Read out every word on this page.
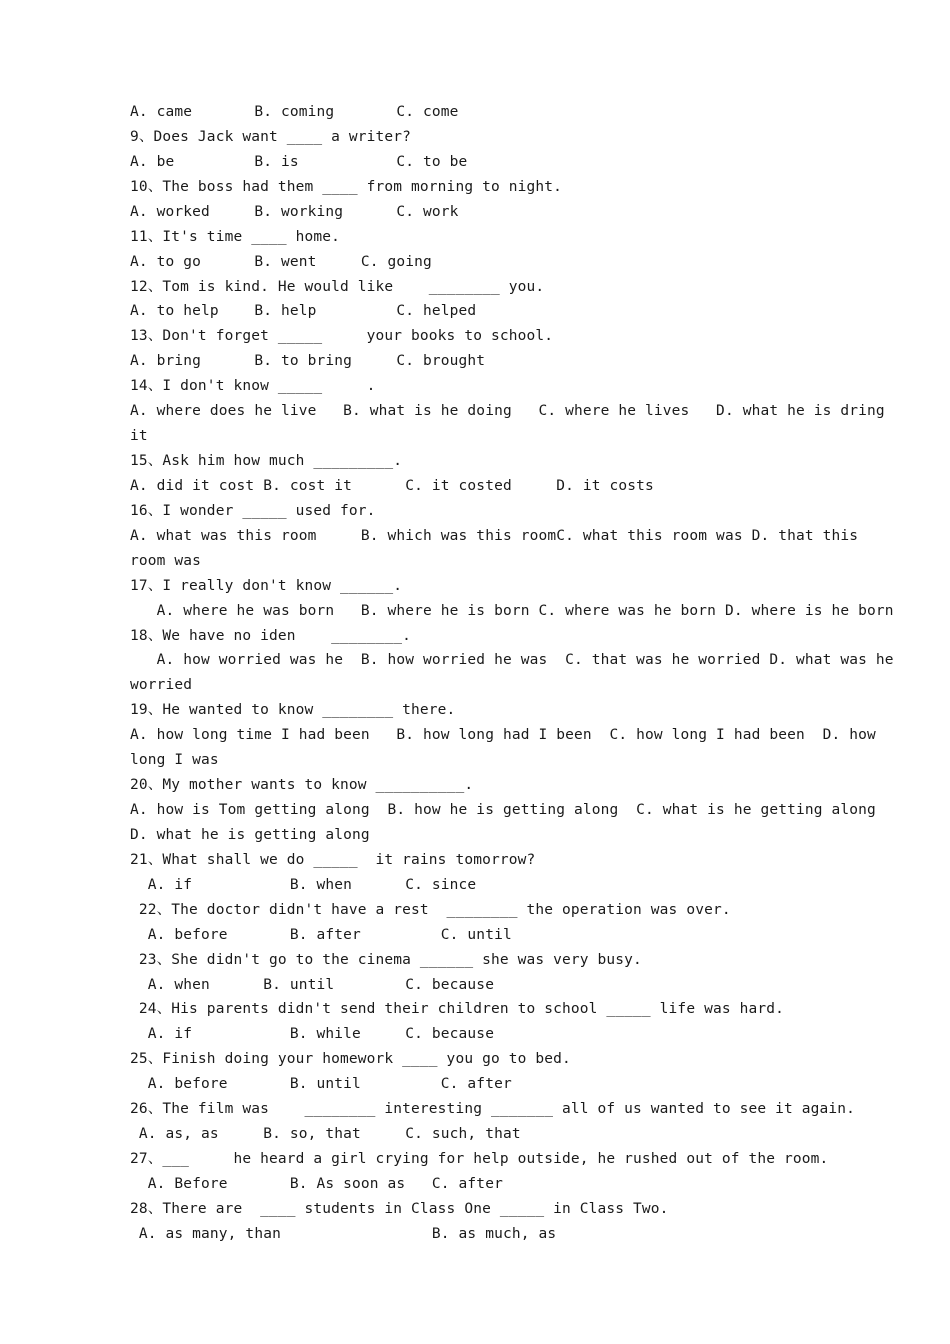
A. came       B. coming       C. come
9、Does Jack want ____ a writer?
A. be         B. is           C. to be
10、The boss had them ____ from morning to night.
A. worked     B. working      C. work
11、It's time ____ home.
A. to go      B. went     C. going
12、Tom is kind. He would like    ________ you.
A. to help    B. help         C. helped
13、Don't forget _____     your books to school.
A. bring      B. to bring     C. brought
14、I don't know _____     .
A. where does he live   B. what is he doing   C. where he lives   D. what he is dring
it
15、Ask him how much _________.
A. did it cost B. cost it      C. it costed     D. it costs
16、I wonder _____ used for.
A. what was this room     B. which was this roomC. what this room was D. that this
room was
17、I really don't know ______.
A. where he was born   B. where he is born C. where was he born D. where is he born
18、We have no iden    ________.
A. how worried was he  B. how worried he was  C. that was he worried D. what was he
worried
19、He wanted to know ________ there.
A. how long time I had been   B. how long had I been  C. how long I had been  D. how
long I was
20、My mother wants to know __________.
A. how is Tom getting along  B. how he is getting along  C. what is he getting along
D. what he is getting along
21、What shall we do _____  it rains tomorrow?
A. if           B. when      C. since
22、The doctor didn't have a rest  ________ the operation was over.
A. before       B. after         C. until
23、She didn't go to the cinema ______ she was very busy.
A. when      B. until        C. because
24、His parents didn't send their children to school _____ life was hard.
A. if           B. while     C. because
25、Finish doing your homework ____ you go to bed.
A. before       B. until         C. after
26、The film was    ________ interesting _______ all of us wanted to see it again.
A. as, as     B. so, that     C. such, that
27、___     he heard a girl crying for help outside, he rushed out of the room.
A. Before       B. As soon as   C. after
28、There are  ____ students in Class One _____ in Class Two.
A. as many, than                 B. as much, as
